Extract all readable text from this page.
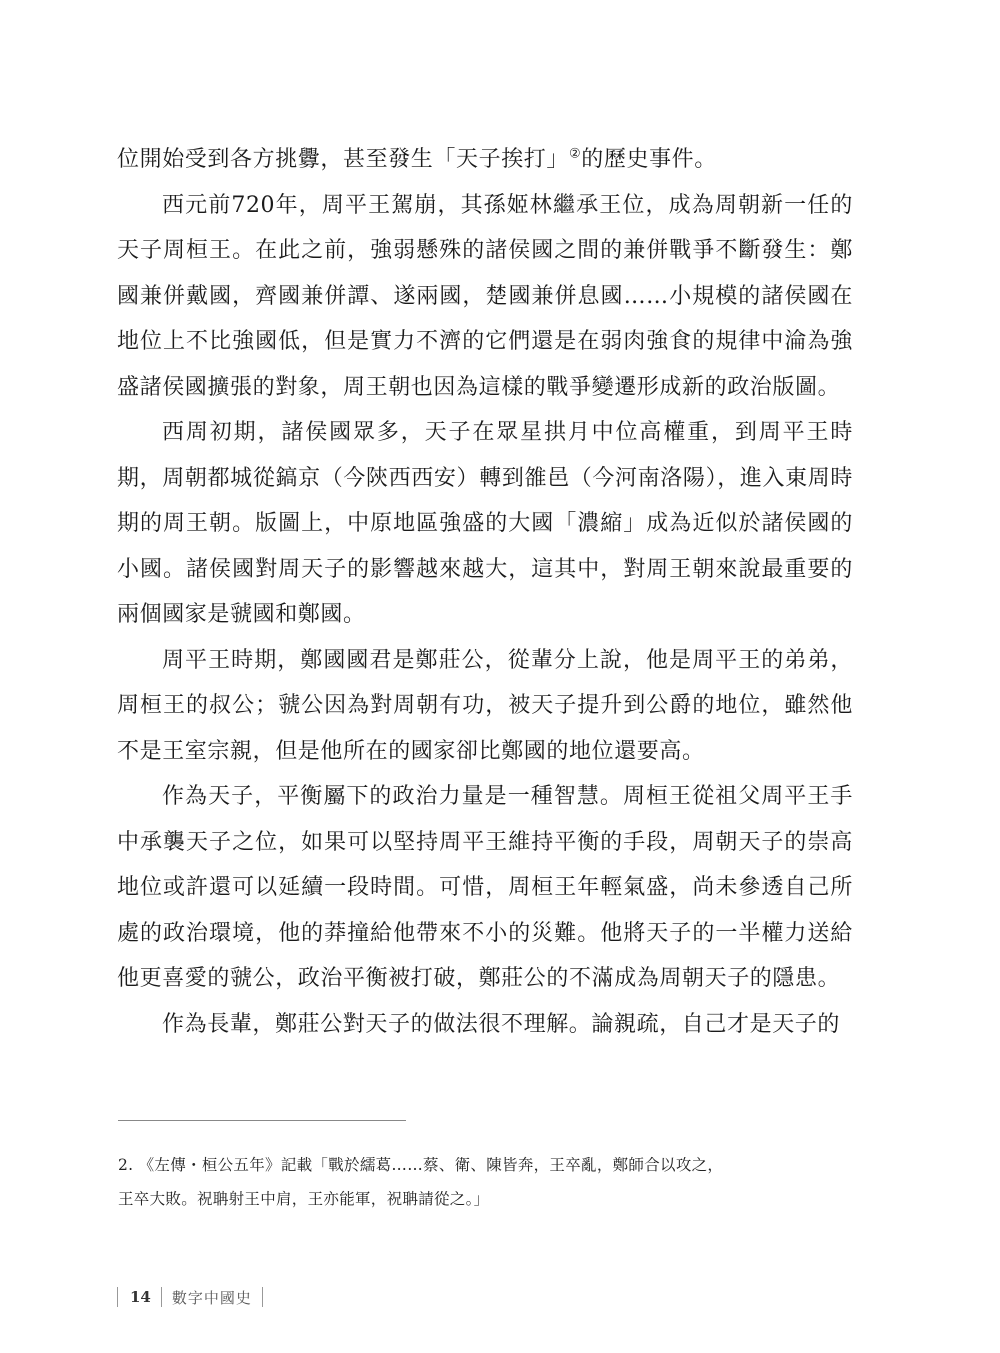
位開始受到各方挑釁，甚至發生「天子挨打」②的歷史事件。

西元前720年，周平王駕崩，其孫姬林繼承王位，成為周朝新一任的天子周桓王。在此之前，強弱懸殊的諸侯國之間的兼併戰爭不斷發生：鄭國兼併戴國，齊國兼併譚、遂兩國，楚國兼併息國……小規模的諸侯國在地位上不比強國低，但是實力不濟的它們還是在弱肉強食的規律中淪為強盛諸侯國擴張的對象，周王朝也因為這樣的戰爭變遷形成新的政治版圖。

西周初期，諸侯國眾多，天子在眾星拱月中位高權重，到周平王時期，周朝都城從鎬京（今陝西西安）轉到雒邑（今河南洛陽），進入東周時期的周王朝。版圖上，中原地區強盛的大國「濃縮」成為近似於諸侯國的小國。諸侯國對周天子的影響越來越大，這其中，對周王朝來說最重要的兩個國家是虢國和鄭國。

周平王時期，鄭國國君是鄭莊公，從輩分上說，他是周平王的弟弟，周桓王的叔公；虢公因為對周朝有功，被天子提升到公爵的地位，雖然他不是王室宗親，但是他所在的國家卻比鄭國的地位還要高。

作為天子，平衡屬下的政治力量是一種智慧。周桓王從祖父周平王手中承襲天子之位，如果可以堅持周平王維持平衡的手段，周朝天子的崇高地位或許還可以延續一段時間。可惜，周桓王年輕氣盛，尚未參透自己所處的政治環境，他的莽撞給他帶來不小的災難。他將天子的一半權力送給他更喜愛的虢公，政治平衡被打破，鄭莊公的不滿成為周朝天子的隱患。

作為長輩，鄭莊公對天子的做法很不理解。論親疏，自己才是天子的

2. 《左傳・桓公五年》記載「戰於繻葛……蔡、衛、陳皆奔，王卒亂，鄭師合以攻之，
王卒大敗。祝聃射王中肩，王亦能軍，祝聃請從之。」
14 數字中國史
